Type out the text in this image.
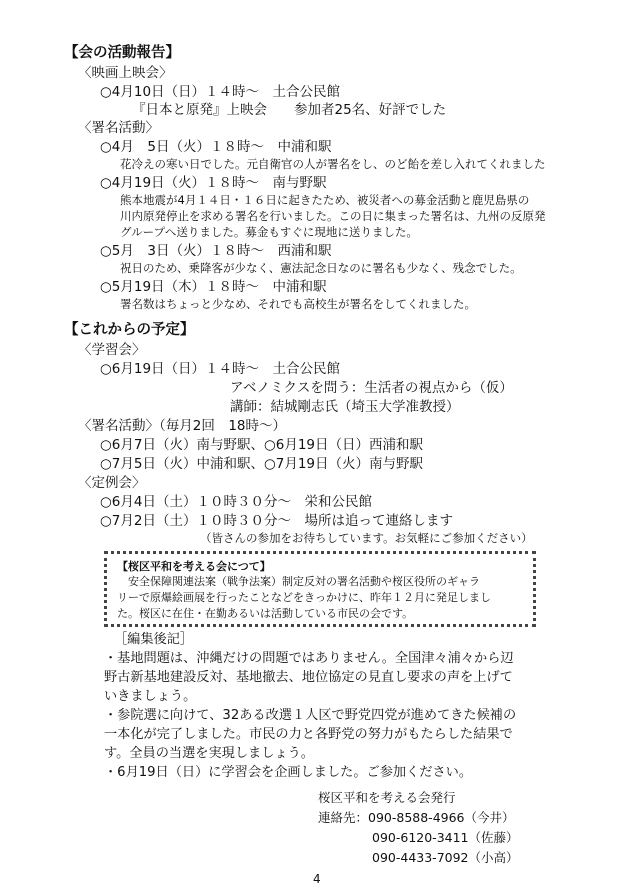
【会の活動報告】
〈映画上映会〉
○4月10日（日）１４時～　土合公民館
『日本と原発』上映会　　参加者25名、好評でした
〈署名活動〉
○4月　5日（火）１８時～　中浦和駅
花冷えの寒い日でした。元自衛官の人が署名をし、のど飴を差し入れてくれました
○4月19日（火）１８時～　南与野駅
熊本地震が4月１４日・１６日に起きたため、被災者への募金活動と鹿児島県の
川内原発停止を求める署名を行いました。この日に集まった署名は、九州の反原発
グループへ送りました。募金もすぐに現地に送りました。
○5月　3日（火）１８時～　西浦和駅
祝日のため、乗降客が少なく、憲法記念日なのに署名も少なく、残念でした。
○5月19日（木）１８時～　中浦和駅
署名数はちょっと少なめ、それでも高校生が署名をしてくれました。
【これからの予定】
〈学習会〉
○6月19日（日）１４時～　土合公民館
アベノミクスを問う：生活者の視点から（仮）
講師：結城剛志氏（埼玉大学准教授）
〈署名活動〉（毎月2回　18時～）
○6月7日（火）南与野駅、○6月19日（日）西浦和駅
○7月5日（火）中浦和駅、○7月19日（火）南与野駅
〈定例会〉
○6月4日（土）１０時３０分～　栄和公民館
○7月2日（土）１０時３０分～　場所は追って連絡します
（皆さんの参加をお待ちしています。お気軽にご参加ください）
【桜区平和を考える会につて】
　安全保障関連法案（戦争法案）制定反対の署名活動や桜区役所のギャラ
リーで原爆絵画展を行ったことなどをきっかけに、昨年１２月に発足しまし
た。桜区に在住・在勤あるいは活動している市民の会です。
［編集後記］
・基地問題は、沖縄だけの問題ではありません。全国津々浦々から辺
野古新基地建設反対、基地撤去、地位協定の見直し要求の声を上げて
いきましょう。
・参院選に向けて、32ある改選１人区で野党四党が進めてきた候補の
一本化が完了しました。市民の力と各野党の努力がもたらした結果で
す。全員の当選を実現しましょう。
・6月19日（日）に学習会を企画しました。ご参加ください。
桜区平和を考える会発行
連絡先：090-8588-4966（今井）
090-6120-3411（佐藤）
090-4433-7092（小高）
4
